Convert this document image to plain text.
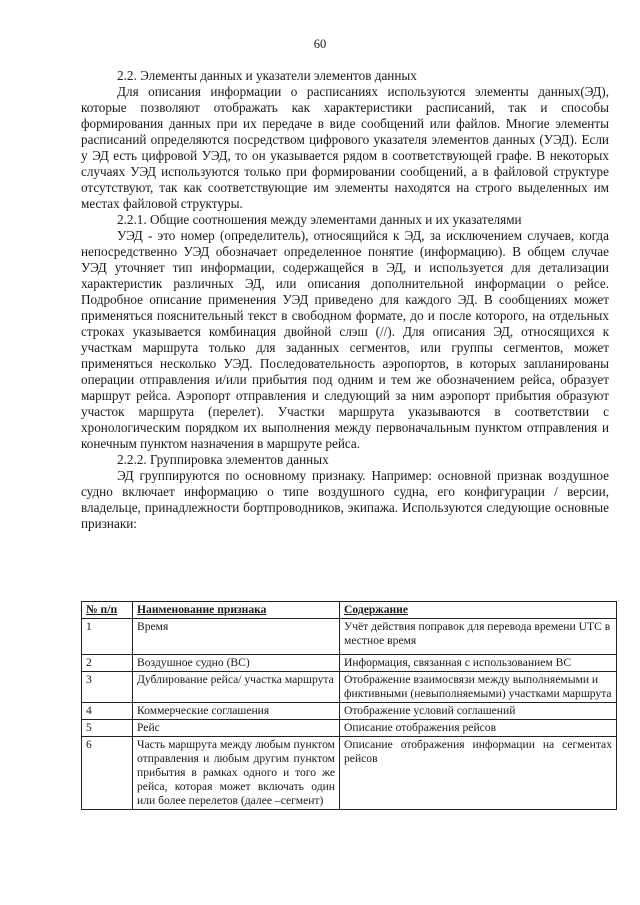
60

2.2. Элементы данных и указатели элементов данных

Для описания информации о расписаниях используются элементы данных(ЭД), которые позволяют отображать как характеристики расписаний, так и способы формирования данных при их передаче в виде сообщений или файлов. Многие элементы расписаний определяются посредством цифрового указателя элементов данных (УЭД). Если у ЭД есть цифровой УЭД, то он указывается рядом в соответствующей графе. В некоторых случаях УЭД используются только при формировании сообщений, а в файловой структуре отсутствуют, так как соответствующие им элементы находятся на строго выделенных им местах файловой структуры.

2.2.1. Общие соотношения между элементами данных и их указателями

УЭД - это номер (определитель), относящийся к ЭД, за исключением случаев, когда непосредственно УЭД обозначает определенное понятие (информацию). В общем случае УЭД уточняет тип информации, содержащейся в ЭД, и используется для детализации характеристик различных ЭД, или описания дополнительной информации о рейсе. Подробное описание применения УЭД приведено для каждого ЭД. В сообщениях может применяться пояснительный текст в свободном формате, до и после которого, на отдельных строках указывается комбинация двойной слэш (//). Для описания ЭД, относящихся к участкам маршрута только для заданных сегментов, или группы сегментов, может применяться несколько УЭД. Последовательность аэропортов, в которых запланированы операции отправления и/или прибытия под одним и тем же обозначением рейса, образует маршрут рейса. Аэропорт отправления и следующий за ним аэропорт прибытия образуют участок маршрута (перелет). Участки маршрута указываются в соответствии с хронологическим порядком их выполнения между первоначальным пунктом отправления и конечным пунктом назначения в маршруте рейса.

2.2.2. Группировка элементов данных

ЭД группируются по основному признаку. Например: основной признак воздушное судно включает информацию о типе воздушного судна, его конфигурации / версии, владельце, принадлежности бортпроводников, экипажа. Используются следующие основные признаки:

№ п/п	Наименование признака	Содержание
1	Время	Учёт действия поправок для перевода времени UTC в местное время
2	Воздушное судно (ВС)	Информация, связанная с использованием ВС
3	Дублирование рейса/ участка маршрута	Отображение взаимосвязи между выполняемыми и фиктивными (невыполняемыми) участками маршрута
4	Коммерческие соглашения	Отображение условий соглашений
5	Рейс	Описание отображения рейсов
6	Часть маршрута между любым пунктом отправления и любым другим пунктом прибытия в рамках одного и того же рейса, которая может включать один или более перелетов (далее –сегмент)	Описание отображения информации на сегментах рейсов
